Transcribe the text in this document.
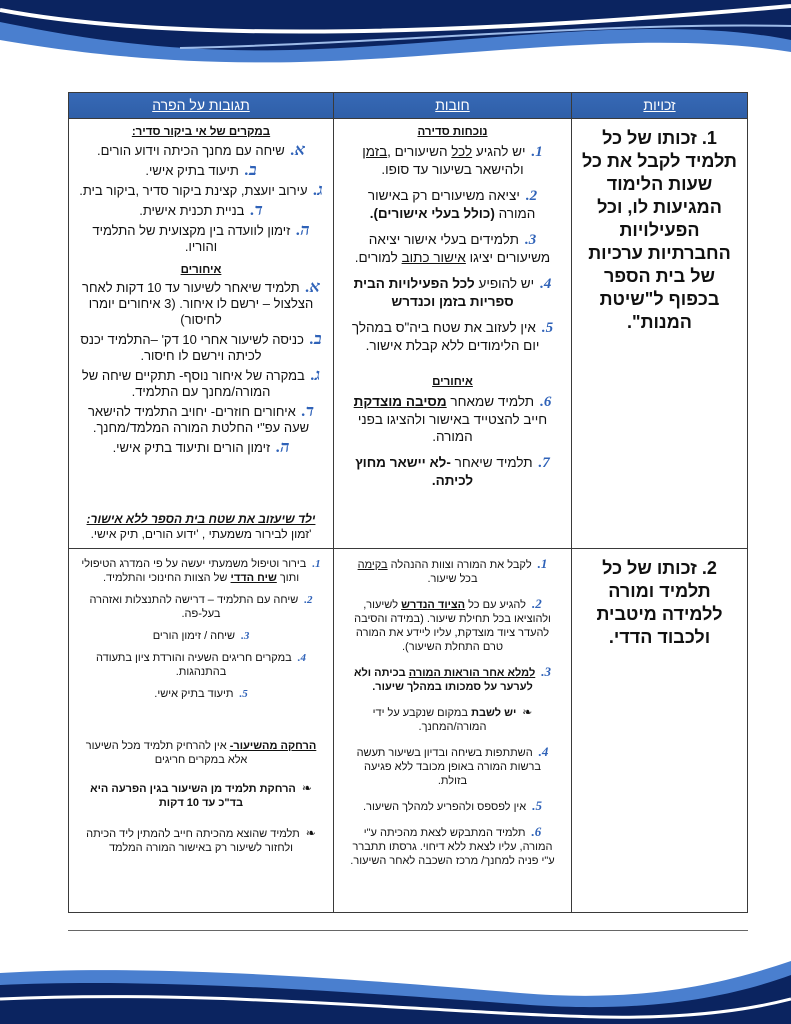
זכויות
חובות
תגובות על הפרה

1. זכותו של כל תלמיד לקבל את כל שעות הלימוד המגיעות לו, וכל הפעילויות החברתיות ערכיות של בית הספר בכפוף ל"שיטת המנות".

נוכחות סדירה
1.יש להגיע לכל השיעורים ,בזמן ולהישאר בשיעור עד סופו.
2.יציאה משיעורים רק באישור המורה (כולל בעלי אישורים).
3.תלמידים בעלי אישור יציאה משיעורים יציגו אישור כתוב למורים.
4.יש להופיע לכל הפעילויות הבית ספריות בזמן וכנדרש
5.אין לעזוב את שטח ביה"ס במהלך יום הלימודים ללא קבלת אישור.
איחורים
6.תלמיד שמאחר מסיבה מוצדקת חייב להצטייד באישור ולהציגו בפני המורה.
7.תלמיד שיאחר -לא יישאר מחוץ לכיתה.
במקרים של אי ביקור סדיר:
א.שיחה עם מחנך הכיתה וידוע הורים.
ב.תיעוד בתיק אישי.
ג.עירוב יועצת, קצינת ביקור סדיר ,ביקור בית.
ד.בניית תכנית אישית.
ה.זימון לוועדה בין מקצועית של התלמיד והוריו.
איחורים
א.תלמיד שיאחר לשיעור עד 10 דקות לאחר הצלצול – ירשם לו איחור. (3 איחורים יומרו לחיסור)
ב.כניסה לשיעור אחרי 10 דק' –התלמיד יכנס לכיתה וירשם לו חיסור.
ג.במקרה של איחור נוסף- תתקיים שיחה של המורה/מחנך עם התלמיד.
ד.איחורים חוזרים- יחויב התלמיד להישאר שעה עפ"י החלטת המורה המלמד/מחנך.
ה.זימון הורים ותיעוד בתיק אישי.
ילד שיעזוב את שטח בית הספר ללא אישור: 'זמון לבירור משמעתי , 'ידוע הורים, תיק אישי.

2. זכותו של כל תלמיד ומורה ללמידה מיטבית ולכבוד הדדי.

1.לקבל את המורה וצוות ההנהלה בקימה בכל שיעור.
2.להגיע עם כל הציוד הנדרש לשיעור, ולהוציאו בכל תחילת שיעור. (במידה והסיבה להעדר ציוד מוצדקת, עליו ליידע את המורה טרם התחלת השיעור).
3.למלא אחר הוראות המורה בכיתה ולא לערער על סמכותו במהלך שיעור.
❧ יש לשבת במקום שנקבע על ידי המורה/המחנך.
4.השתתפות בשיחה ובדיון בשיעור תעשה ברשות המורה באופן מכובד ללא פגיעה בזולת.
5.אין לפספס ולהפריע למהלך השיעור.
6.תלמיד המתבקש לצאת מהכיתה ע"י המורה, עליו לצאת ללא דיחוי. גרסתו תתברר ע"י פניה למחנך/ מרכז השכבה לאחר השיעור.
1.בירור וטיפול משמעתי יעשה על פי המדרג הטיפולי ותוך שיח הדדי של הצוות החינוכי והתלמיד.
2.שיחה עם התלמיד – דרישה להתנצלות ואזהרה בעל-פה.
3.שיחה / זימון הורים
4.במקרים חריגים השעיה והורדת ציון בתעודה בהתנהגות.
5.תיעוד בתיק אישי.
הרחקה מהשיעור- אין להרחיק תלמיד מכל השיעור אלא במקרים חריגים
❧ הרחקת תלמיד מן השיעור בגין הפרעה היא בד"כ עד 10 דקות
❧ תלמיד שהוצא מהכיתה חייב להמתין ליד הכיתה ולחזור לשיעור רק באישור המורה המלמד
